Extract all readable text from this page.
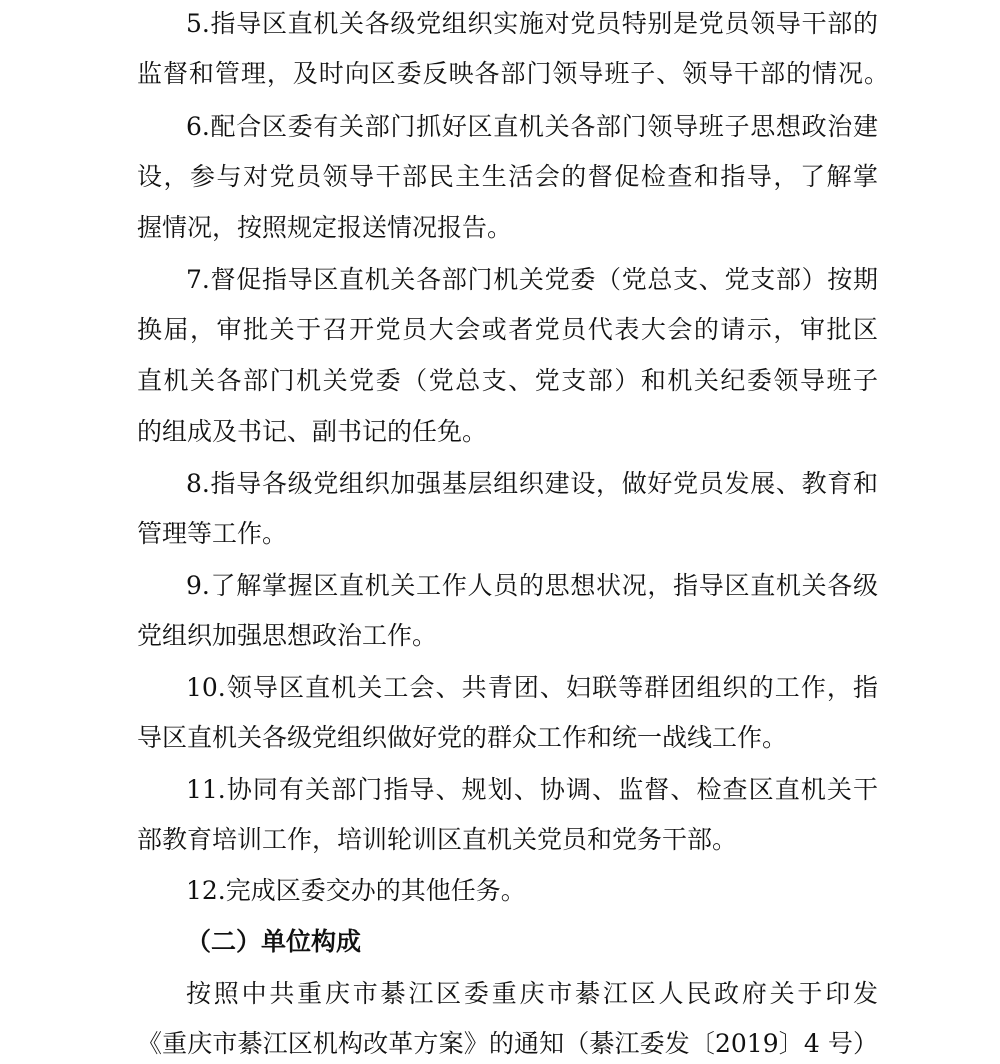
5.指导区直机关各级党组织实施对党员特别是党员领导干部的
监督和管理，及时向区委反映各部门领导班子、领导干部的情况。
6.配合区委有关部门抓好区直机关各部门领导班子思想政治建
设，参与对党员领导干部民主生活会的督促检查和指导，了解掌
握情况，按照规定报送情况报告。
7.督促指导区直机关各部门机关党委（党总支、党支部）按期
换届，审批关于召开党员大会或者党员代表大会的请示，审批区
直机关各部门机关党委（党总支、党支部）和机关纪委领导班子
的组成及书记、副书记的任免。
8.指导各级党组织加强基层组织建设，做好党员发展、教育和
管理等工作。
9.了解掌握区直机关工作人员的思想状况，指导区直机关各级
党组织加强思想政治工作。
10.领导区直机关工会、共青团、妇联等群团组织的工作，指
导区直机关各级党组织做好党的群众工作和统一战线工作。
11.协同有关部门指导、规划、协调、监督、检查区直机关干
部教育培训工作，培训轮训区直机关党员和党务干部。
12.完成区委交办的其他任务。
（二）单位构成
按照中共重庆市綦江区委重庆市綦江区人民政府关于印发
《重庆市綦江区机构改革方案》的通知（綦江委发〔2019〕4 号）
